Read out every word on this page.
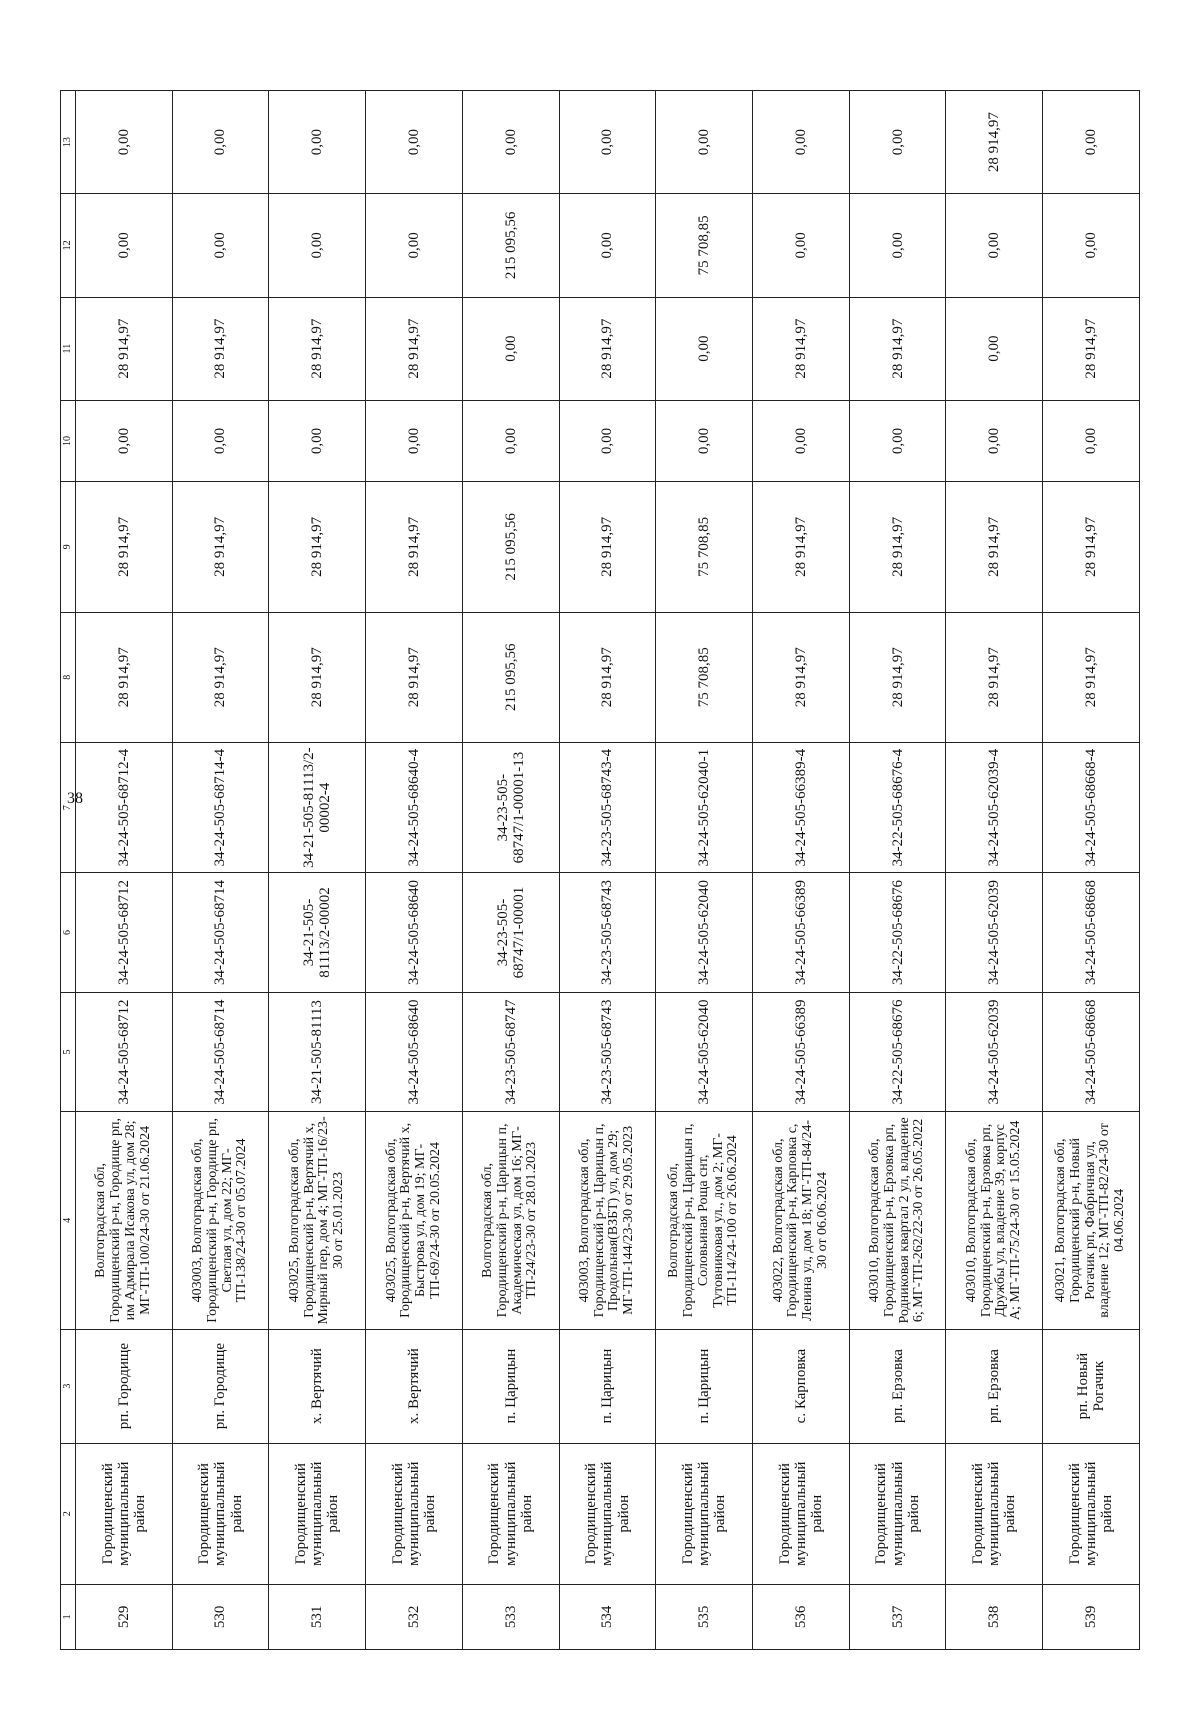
38
1	2	3	4	5	6	7	8	9	10	11	12	13
529	Городищенский муниципальный район	рп. Городище	Волгоградская обл, Городищенский р-н, Городище рп, им Адмирала Исакова ул, дом 28; МГ-ТП-100/24-30 от 21.06.2024	34-24-505-68712	34-24-505-68712	34-24-505-68712-4	28 914,97	28 914,97	0,00	28 914,97	0,00	0,00
530	Городищенский муниципальный район	рп. Городище	403003, Волгоградская обл, Городищенский р-н, Городище рп, Светлая ул, дом 22; МГ-ТП-138/24-30 от 05.07.2024	34-24-505-68714	34-24-505-68714	34-24-505-68714-4	28 914,97	28 914,97	0,00	28 914,97	0,00	0,00
531	Городищенский муниципальный район	х. Вертячий	403025, Волгоградская обл, Городищенский р-н, Вертячий х, Мирный пер, дом 4; МГ-ТП-16/23-30 от 25.01.2023	34-21-505-81113	34-21-505-81113/2-00002	34-21-505-81113/2-00002-4	28 914,97	28 914,97	0,00	28 914,97	0,00	0,00
532	Городищенский муниципальный район	х. Вертячий	403025, Волгоградская обл, Городищенский р-н, Вертячий х, Быстрова ул, дом 19; МГ-ТП-69/24-30 от 20.05.2024	34-24-505-68640	34-24-505-68640	34-24-505-68640-4	28 914,97	28 914,97	0,00	28 914,97	0,00	0,00
533	Городищенский муниципальный район	п. Царицын	Волгоградская обл, Городищенский р-н, Царицын п, Академическая ул, дом 16; МГ-ТП-24/23-30 от 28.01.2023	34-23-505-68747	34-23-505-68747/1-00001	34-23-505-68747/1-00001-13	215 095,56	215 095,56	0,00	0,00	215 095,56	0,00
534	Городищенский муниципальный район	п. Царицын	403003, Волгоградская обл, Городищенский р-н, Царицын п, Продольная(ВЗБТ) ул, дом 29; МГ-ТП-144/23-30 от 29.05.2023	34-23-505-68743	34-23-505-68743	34-23-505-68743-4	28 914,97	28 914,97	0,00	28 914,97	0,00	0,00
535	Городищенский муниципальный район	п. Царицын	Волгоградская обл, Городищенский р-н, Царицын п, Соловьиная Роща снт, Тутовниковая ул., дом 2; МГ-ТП-114/24-100 от 26.06.2024	34-24-505-62040	34-24-505-62040	34-24-505-62040-1	75 708,85	75 708,85	0,00	0,00	75 708,85	0,00
536	Городищенский муниципальный район	с. Карповка	403022, Волгоградская обл, Городищенский р-н, Карповка с, Ленина ул, дом 18; МГ-ТП-84/24-30 от 06.06.2024	34-24-505-66389	34-24-505-66389	34-24-505-66389-4	28 914,97	28 914,97	0,00	28 914,97	0,00	0,00
537	Городищенский муниципальный район	рп. Ерзовка	403010, Волгоградская обл, Городищенский р-н, Ерзовка рп, Родниковая квартал 2 ул, владение 6; МГ-ТП-262/22-30 от 26.05.2022	34-22-505-68676	34-22-505-68676	34-22-505-68676-4	28 914,97	28 914,97	0,00	28 914,97	0,00	0,00
538	Городищенский муниципальный район	рп. Ерзовка	403010, Волгоградская обл, Городищенский р-н, Ерзовка рп, Дружбы ул, владение 39, корпус А; МГ-ТП-75/24-30 от 15.05.2024	34-24-505-62039	34-24-505-62039	34-24-505-62039-4	28 914,97	28 914,97	0,00	0,00	0,00	28 914,97
539	Городищенский муниципальный район	рп. Новый Рогачик	403021, Волгоградская обл, Городищенский р-н, Новый Рогачик рп, Фабричная ул, владение 12; МГ-ТП-82/24-30 от 04.06.2024	34-24-505-68668	34-24-505-68668	34-24-505-68668-4	28 914,97	28 914,97	0,00	28 914,97	0,00	0,00
